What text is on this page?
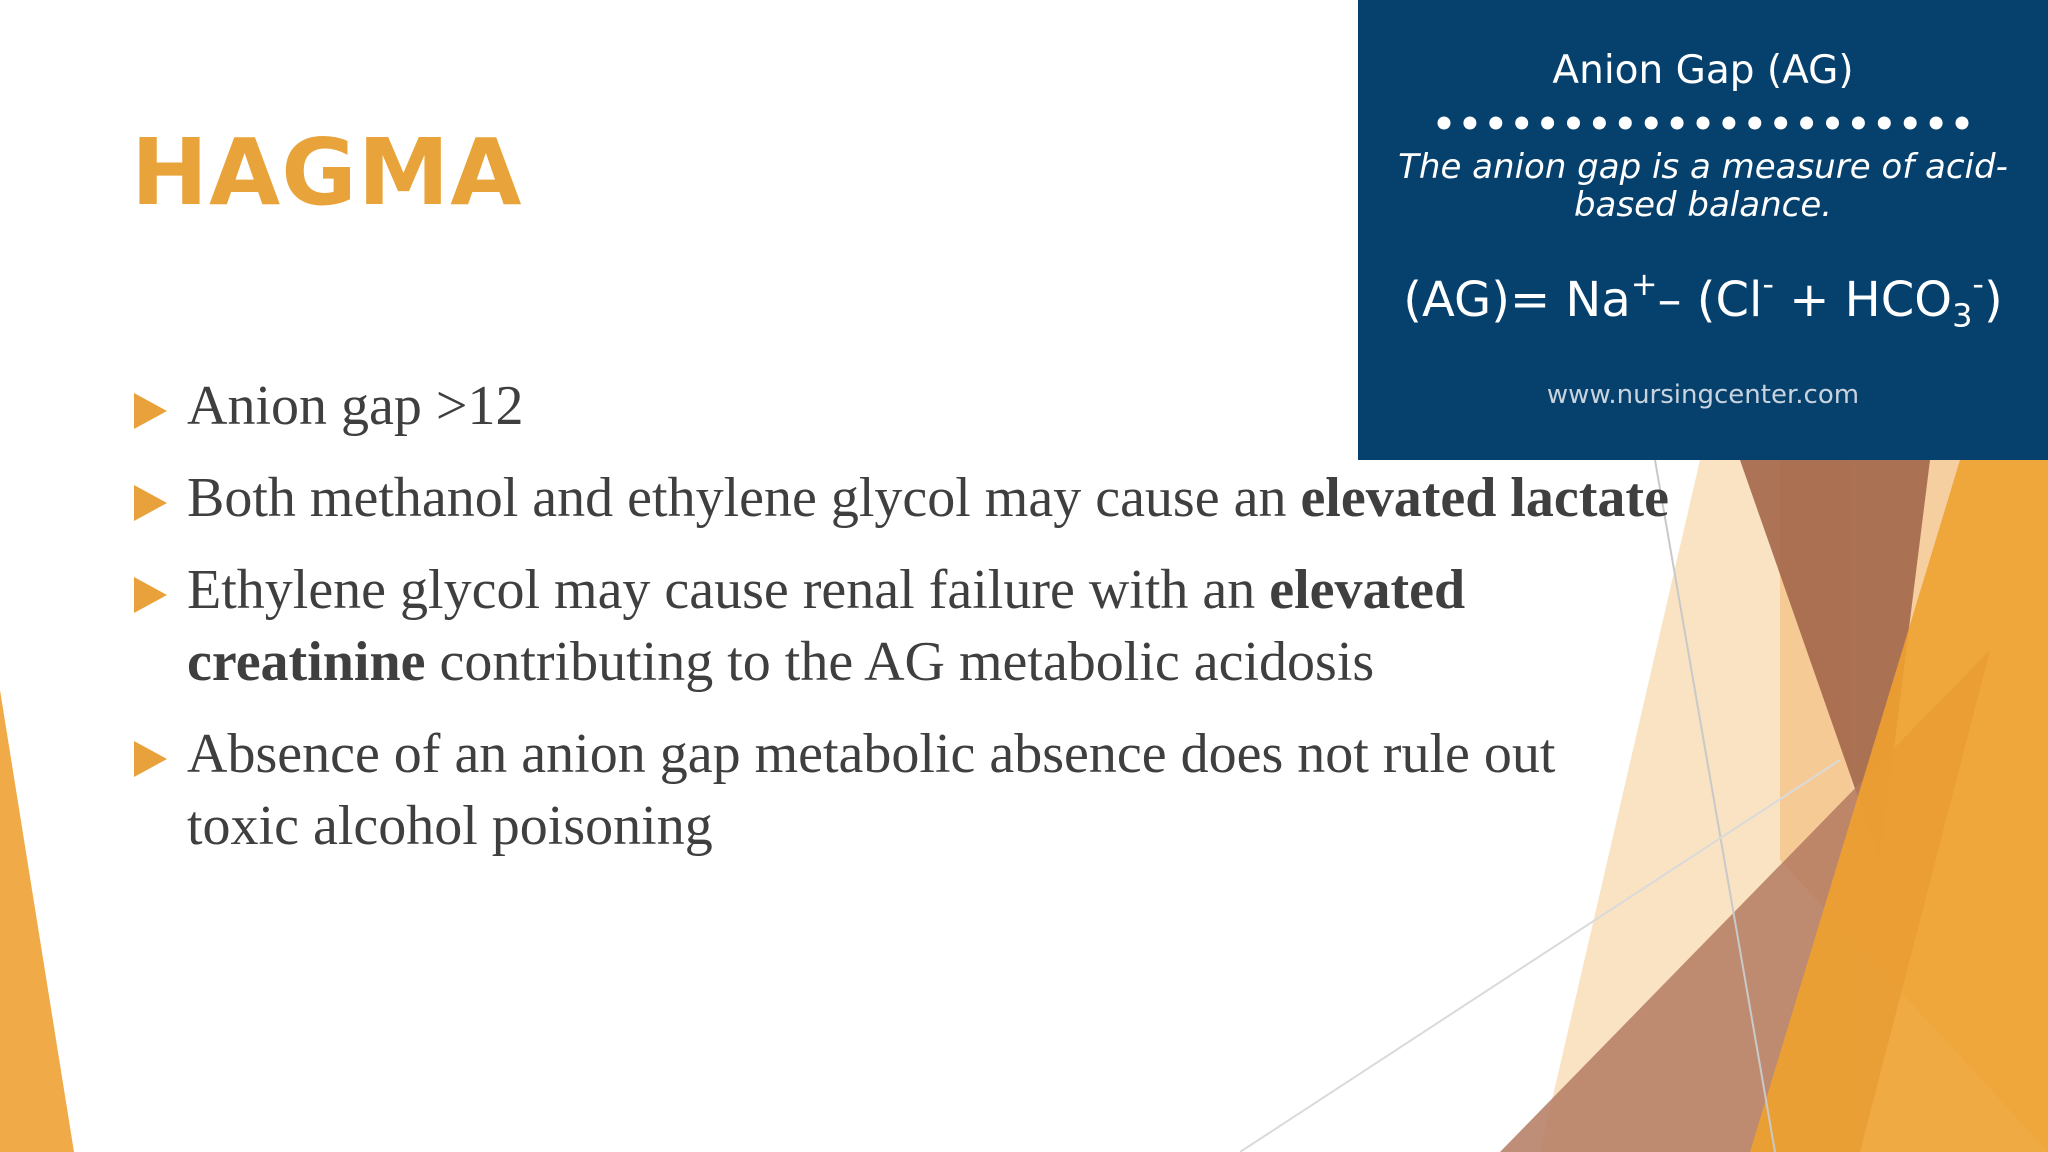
HAGMA
Anion gap >12
Both methanol and ethylene glycol may cause an elevated lactate
Ethylene glycol may cause renal failure with an elevated creatinine contributing to the AG metabolic acidosis
Absence of an anion gap metabolic absence does not rule out toxic alcohol poisoning
Anion Gap (AG)
The anion gap is a measure of acid-based balance.
(AG)= Na+– $(Cl^- + HCO_3^-)$
www.nursingcenter.com
